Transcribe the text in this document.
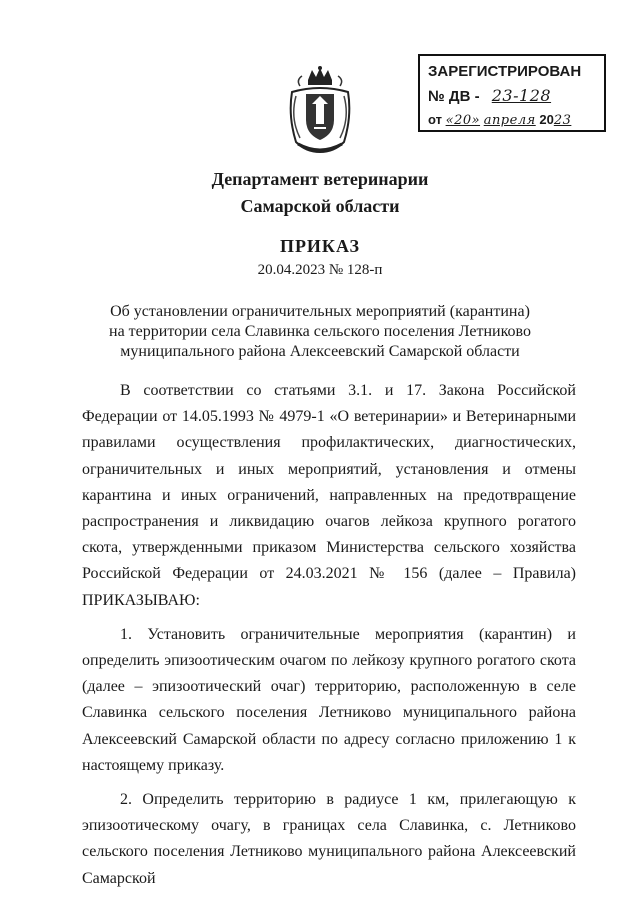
ЗАРЕГИСТРИРОВАН
№ ДВ - 23-128
от «20» апреля 2023
Департамент ветеринарии
Самарской области
ПРИКАЗ
20.04.2023 № 128-п
Об установлении ограничительных мероприятий (карантина)
на территории села Славинка сельского поселения Летниково
муниципального района Алексеевский Самарской области

В соответствии со статьями 3.1. и 17. Закона Российской Федерации от 14.05.1993 № 4979-1 «О ветеринарии» и Ветеринарными правилами осуществления профилактических, диагностических, ограничительных и иных мероприятий, установления и отмены карантина и иных ограничений, направленных на предотвращение распространения и ликвидацию очагов лейкоза крупного рогатого скота, утвержденными приказом Министерства сельского хозяйства Российской Федерации от 24.03.2021 № 156 (далее – Правила) ПРИКАЗЫВАЮ:

1. Установить ограничительные мероприятия (карантин) и определить эпизоотическим очагом по лейкозу крупного рогатого скота (далее – эпизоотический очаг) территорию, расположенную в селе Славинка сельского поселения Летниково муниципального района Алексеевский Самарской области по адресу согласно приложению 1 к настоящему приказу.

2. Определить территорию в радиусе 1 км, прилегающую к эпизоотическому очагу, в границах села Славинка, с. Летниково сельского поселения Летниково муниципального района Алексеевский Самарской
